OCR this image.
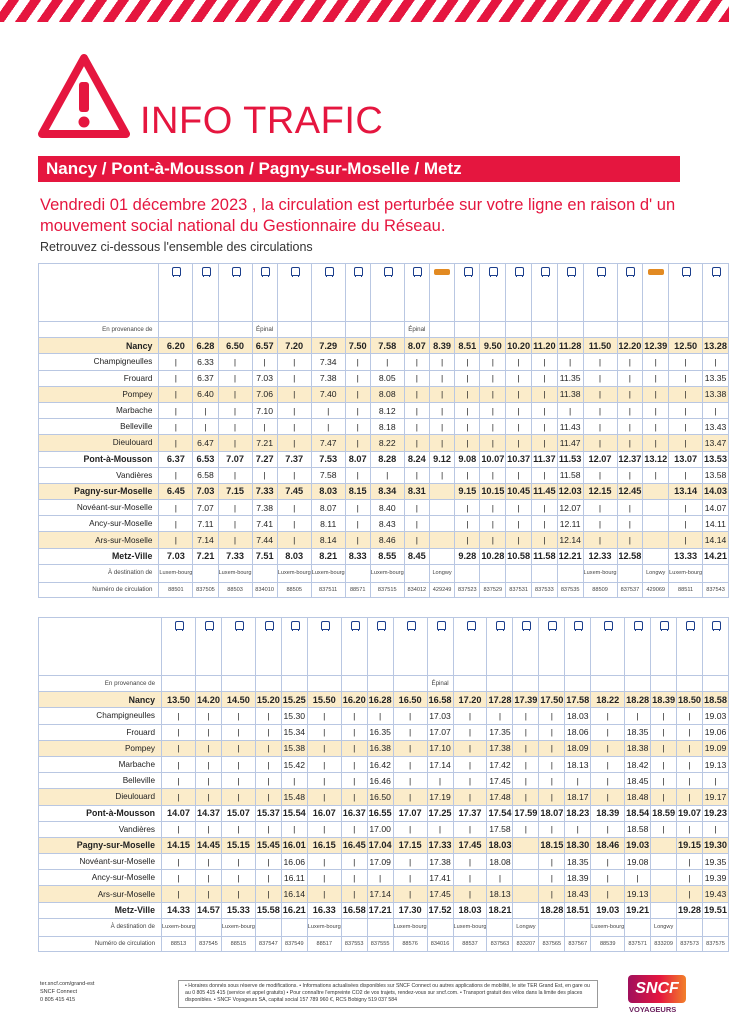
INFO TRAFIC
Nancy / Pont-à-Mousson / Pagny-sur-Moselle / Metz
Vendredi 01 décembre 2023 , la circulation est perturbée sur votre ligne en raison d' un mouvement social national du Gestionnaire du Réseau.
Retrouvez ci-dessous l'ensemble des circulations

En provenance de				Épinal					Épinal											
Nancy	6.20	6.28	6.50	6.57	7.20	7.29	7.50	7.58	8.07	8.39	8.51	9.50	10.20	11.20	11.28	11.50	12.20	12.39	12.50	13.28
Champigneulles	|	6.33	|	|	|	7.34	|	|	|	|	|	|	|	|	|	|	|	|	|	|
Frouard	|	6.37	|	7.03	|	7.38	|	8.05	|	|	|	|	|	|	11.35	|	|	|	|	13.35
Pompey	|	6.40	|	7.06	|	7.40	|	8.08	|	|	|	|	|	|	11.38	|	|	|	|	13.38
Marbache	|	|	|	7.10	|	|	|	8.12	|	|	|	|	|	|	|	|	|	|	|	|
Belleville	|	|	|	|	|	|	|	8.18	|	|	|	|	|	|	11.43	|	|	|	|	13.43
Dieulouard	|	6.47	|	7.21	|	7.47	|	8.22	|	|	|	|	|	|	11.47	|	|	|	|	13.47
Pont-à-Mousson	6.37	6.53	7.07	7.27	7.37	7.53	8.07	8.28	8.24	9.12	9.08	10.07	10.37	11.37	11.53	12.07	12.37	13.12	13.07	13.53
Vandières	|	6.58	|	|	|	7.58	|	|	|	|	|	|	|	|	11.58	|	|	|	|	13.58
Pagny-sur-Moselle	6.45	7.03	7.15	7.33	7.45	8.03	8.15	8.34	8.31		9.15	10.15	10.45	11.45	12.03	12.15	12.45		13.14	14.03
Novéant-sur-Moselle	|	7.07	|	7.38	|	8.07	|	8.40	|		|	|	|	|	12.07	|	|		|	14.07
Ancy-sur-Moselle	|	7.11	|	7.41	|	8.11	|	8.43	|		|	|	|	|	12.11	|	|		|	14.11
Ars-sur-Moselle	|	7.14	|	7.44	|	8.14	|	8.46	|		|	|	|	|	12.14	|	|		|	14.14
Metz-Ville	7.03	7.21	7.33	7.51	8.03	8.21	8.33	8.55	8.45		9.28	10.28	10.58	11.58	12.21	12.33	12.58		13.33	14.21
À destination de	Luxem-bourg		Luxem-bourg		Luxem-bourg	Luxem-bourg		Luxem-bourg		Longwy						Luxem-bourg		Longwy	Luxem-bourg	
Numéro de circulation	88501	837505	88503	834010	88505	837511	88571	837515	834012	429249	837523	837529	837531	837533	837535	88509	837537	429069	88511	837543

En provenance de										Épinal										
Nancy	13.50	14.20	14.50	15.20	15.25	15.50	16.20	16.28	16.50	16.58	17.20	17.28	17.39	17.50	17.58	18.22	18.28	18.39	18.50	18.58
Champigneulles	|	|	|	|	15.30	|	|	|	|	17.03	|	|	|	|	18.03	|	|	|	|	19.03
Frouard	|	|	|	|	15.34	|	|	16.35	|	17.07	|	17.35	|	|	18.06	|	18.35	|	|	19.06
Pompey	|	|	|	|	15.38	|	|	16.38	|	17.10	|	17.38	|	|	18.09	|	18.38	|	|	19.09
Marbache	|	|	|	|	15.42	|	|	16.42	|	17.14	|	17.42	|	|	18.13	|	18.42	|	|	19.13
Belleville	|	|	|	|	|	|	|	16.46	|	|	|	17.45	|	|	|	|	18.45	|	|	|
Dieulouard	|	|	|	|	15.48	|	|	16.50	|	17.19	|	17.48	|	|	18.17	|	18.48	|	|	19.17
Pont-à-Mousson	14.07	14.37	15.07	15.37	15.54	16.07	16.37	16.55	17.07	17.25	17.37	17.54	17.59	18.07	18.23	18.39	18.54	18.59	19.07	19.23
Vandières	|	|	|	|	|	|	|	17.00	|	|	|	17.58	|	|	|	|	18.58	|	|	|
Pagny-sur-Moselle	14.15	14.45	15.15	15.45	16.01	16.15	16.45	17.04	17.15	17.33	17.45	18.03		18.15	18.30	18.46	19.03		19.15	19.30
Novéant-sur-Moselle	|	|	|	|	16.06	|	|	17.09	|	17.38	|	18.08		|	18.35	|	19.08		|	19.35
Ancy-sur-Moselle	|	|	|	|	16.11	|	|	|	|	17.41	|	|		|	18.39	|	|		|	19.39
Ars-sur-Moselle	|	|	|	|	16.14	|	|	17.14	|	17.45	|	18.13		|	18.43	|	19.13		|	19.43
Metz-Ville	14.33	14.57	15.33	15.58	16.21	16.33	16.58	17.21	17.30	17.52	18.03	18.21		18.28	18.51	19.03	19.21		19.28	19.51
À destination de	Luxem-bourg		Luxem-bourg			Luxem-bourg			Luxem-bourg		Luxem-bourg		Longwy			Luxem-bourg		Longwy		
Numéro de circulation	88513	837545	88515	837547	837549	88517	837553	837555	88576	834016	88537	837563	833207	837565	837567	88539	837571	833209	837573	837575
ter.sncf.com/grand-est
SNCF Connect
0 805 415 415
• Horaires donnés sous réserve de modifications. • Informations actualisées disponibles sur SNCF Connect ou autres applications de mobilité, le site TER Grand Est, en gare ou au 0 805 415 415 (service et appel gratuits) • Pour connaître l'empreinte CO2 de vos trajets, rendez-vous sur sncf.com. • Transport gratuit des vélos dans la limite des places disponibles. • SNCF Voyageurs SA, capital social 157 789 960 €, RCS Bobigny 519 037 584
SNCF
VOYAGEURS
